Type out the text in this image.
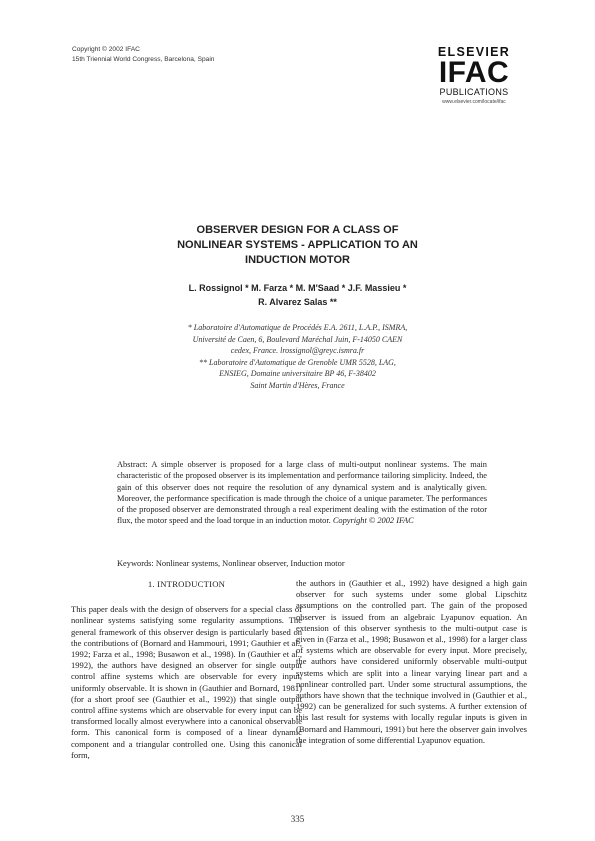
Copyright © 2002 IFAC
15th Triennial World Congress, Barcelona, Spain
ELSEVIER
IFAC
PUBLICATIONS
www.elsevier.com/locate/ifac
OBSERVER DESIGN FOR A CLASS OF
NONLINEAR SYSTEMS - APPLICATION TO AN
INDUCTION MOTOR
L. Rossignol * M. Farza * M. M'Saad * J.F. Massieu *
R. Alvarez Salas **
* Laboratoire d'Automatique de Procédés E.A. 2611, L.A.P., ISMRA,
Université de Caen, 6, Boulevard Maréchal Juin, F-14050 CAEN
cedex, France. lrossignol@greyc.ismra.fr
** Laboratoire d'Automatique de Grenoble UMR 5528, LAG,
ENSIEG, Domaine universitaire BP 46, F-38402
Saint Martin d'Hères, France
Abstract: A simple observer is proposed for a large class of multi-output nonlinear systems. The main characteristic of the proposed observer is its implementation and performance tailoring simplicity. Indeed, the gain of this observer does not require the resolution of any dynamical system and is analytically given. Moreover, the performance specification is made through the choice of a unique parameter. The performances of the proposed observer are demonstrated through a real experiment dealing with the estimation of the rotor flux, the motor speed and the load torque in an induction motor. Copyright © 2002 IFAC
Keywords: Nonlinear systems, Nonlinear observer, Induction motor
1. INTRODUCTION

This paper deals with the design of observers for a special class of nonlinear systems satisfying some regularity assumptions. The general framework of this observer design is particularly based on the contributions of (Bornard and Hammouri, 1991; Gauthier et al., 1992; Farza et al., 1998; Busawon et al., 1998). In (Gauthier et al., 1992), the authors have designed an observer for single output control affine systems which are observable for every input, uniformly observable. It is shown in (Gauthier and Bornard, 1981) (for a short proof see (Gauthier et al., 1992)) that single output control affine systems which are observable for every input can be transformed locally almost everywhere into a canonical observable form. This canonical form is composed of a linear dynamic component and a triangular controlled one. Using this canonical form,

the authors in (Gauthier et al., 1992) have designed a high gain observer for such systems under some global Lipschitz assumptions on the controlled part. The gain of the proposed observer is issued from an algebraic Lyapunov equation. An extension of this observer synthesis to the multi-output case is given in (Farza et al., 1998; Busawon et al., 1998) for a larger class of systems which are observable for every input. More precisely, the authors have considered uniformly observable multi-output systems which are split into a linear varying linear part and a nonlinear controlled part. Under some structural assumptions, the authors have shown that the technique involved in (Gauthier et al., 1992) can be generalized for such systems. A further extension of this last result for systems with locally regular inputs is given in (Bornard and Hammouri, 1991) but here the observer gain involves the integration of some differential Lyapunov equation.

335
